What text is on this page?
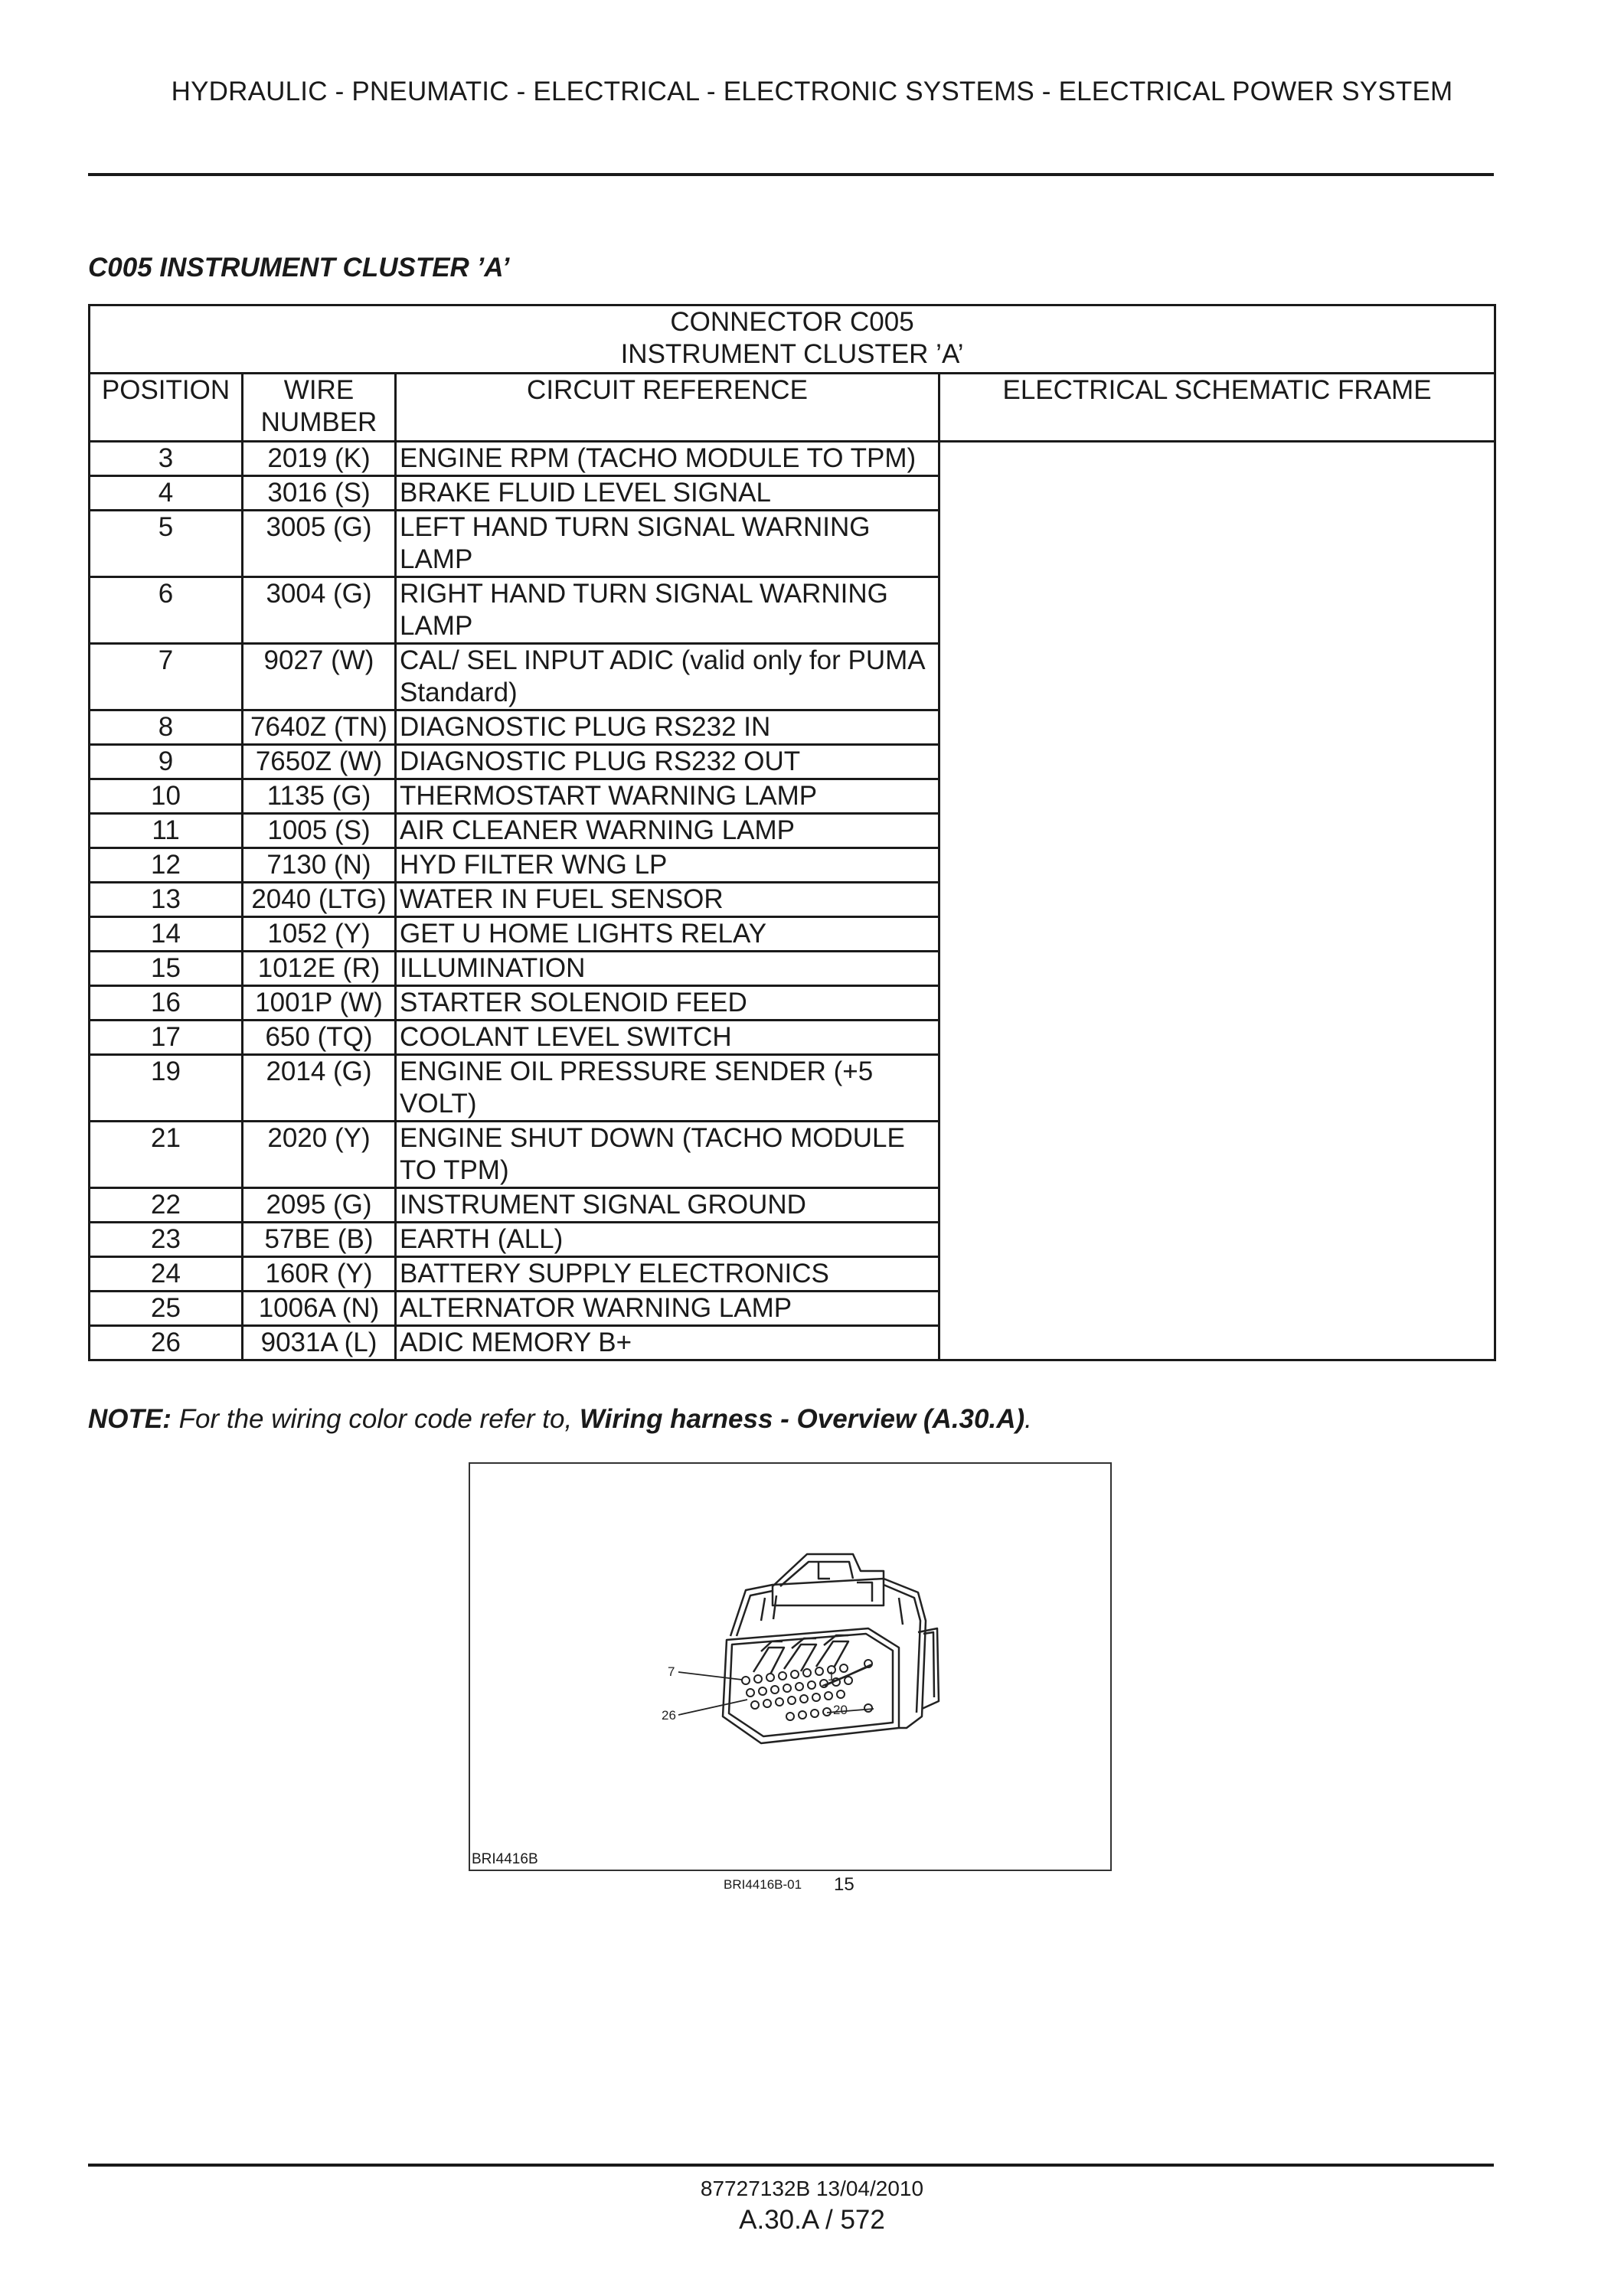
HYDRAULIC - PNEUMATIC - ELECTRICAL - ELECTRONIC SYSTEMS - ELECTRICAL POWER SYSTEM
C005 INSTRUMENT CLUSTER ’A’
CONNECTOR C005
INSTRUMENT CLUSTER ’A’			

POSITION	WIRE NUMBER	CIRCUIT REFERENCE	ELECTRICAL SCHEMATIC FRAME
3	2019 (K)	ENGINE RPM (TACHO MODULE TO TPM)	
4	3016 (S)	BRAKE FLUID LEVEL SIGNAL	
5	3005 (G)	LEFT HAND TURN SIGNAL WARNING LAMP	
6	3004 (G)	RIGHT HAND TURN SIGNAL WARNING LAMP	
7	9027 (W)	CAL/ SEL INPUT ADIC (valid only for PUMA Standard)	
8	7640Z (TN)	DIAGNOSTIC PLUG RS232 IN	
9	7650Z (W)	DIAGNOSTIC PLUG RS232 OUT	
10	1135 (G)	THERMOSTART WARNING LAMP	
11	1005 (S)	AIR CLEANER WARNING LAMP	
12	7130 (N)	HYD FILTER WNG LP	
13	2040 (LTG)	WATER IN FUEL SENSOR	
14	1052 (Y)	GET U HOME LIGHTS RELAY	
15	1012E (R)	ILLUMINATION	
16	1001P (W)	STARTER SOLENOID FEED	
17	650 (TQ)	COOLANT LEVEL SWITCH	
19	2014 (G)	ENGINE OIL PRESSURE SENDER (+5 VOLT)	
21	2020 (Y)	ENGINE SHUT DOWN (TACHO MODULE TO TPM)	
22	2095 (G)	INSTRUMENT SIGNAL GROUND	
23	57BE (B)	EARTH (ALL)	
24	160R (Y)	BATTERY SUPPLY ELECTRONICS	
25	1006A (N)	ALTERNATOR WARNING LAMP	
26	9031A (L)	ADIC MEMORY B+	
NOTE: For the wiring color code refer to, Wiring harness - Overview (A.30.A).
7
26
1
20
BRI4416B
BRI4416B-01 15
87727132B 13/04/2010
A.30.A / 572
